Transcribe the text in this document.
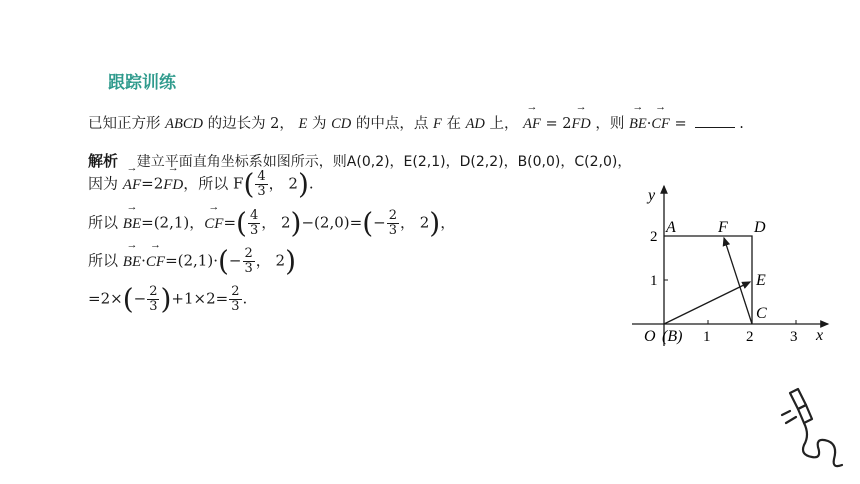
跟踪训练
已知正方形 ABCD 的边长为 2， E 为 CD 的中点，点 F 在 AD 上， → AF = 2→ FD ，则 → BE·→ CF =	.
解析 建立平面直角坐标系如图所示，则A(0,2)，E(2,1)，D(2,2)，B(0,0)，C(2,0)，
因为 → AF=2→ FD，所以 $F( \frac{4}{3}$ ， 2).
所以 → BE=(2,1)，→ $CF=( \frac{4}{3}$ ， $2)-(2,0)=(- \frac{2}{3}$ ， 2)，
所以 → $BE\cdot\to CF=(2,1)\cdot(- \frac{2}{3}$ ， 2)
$=2\times(- \frac{2}{3} )+1\times 2= \frac{2}{3}$ .
y
x
O (B)
A	F D
E
C
1 2 3
1
2
